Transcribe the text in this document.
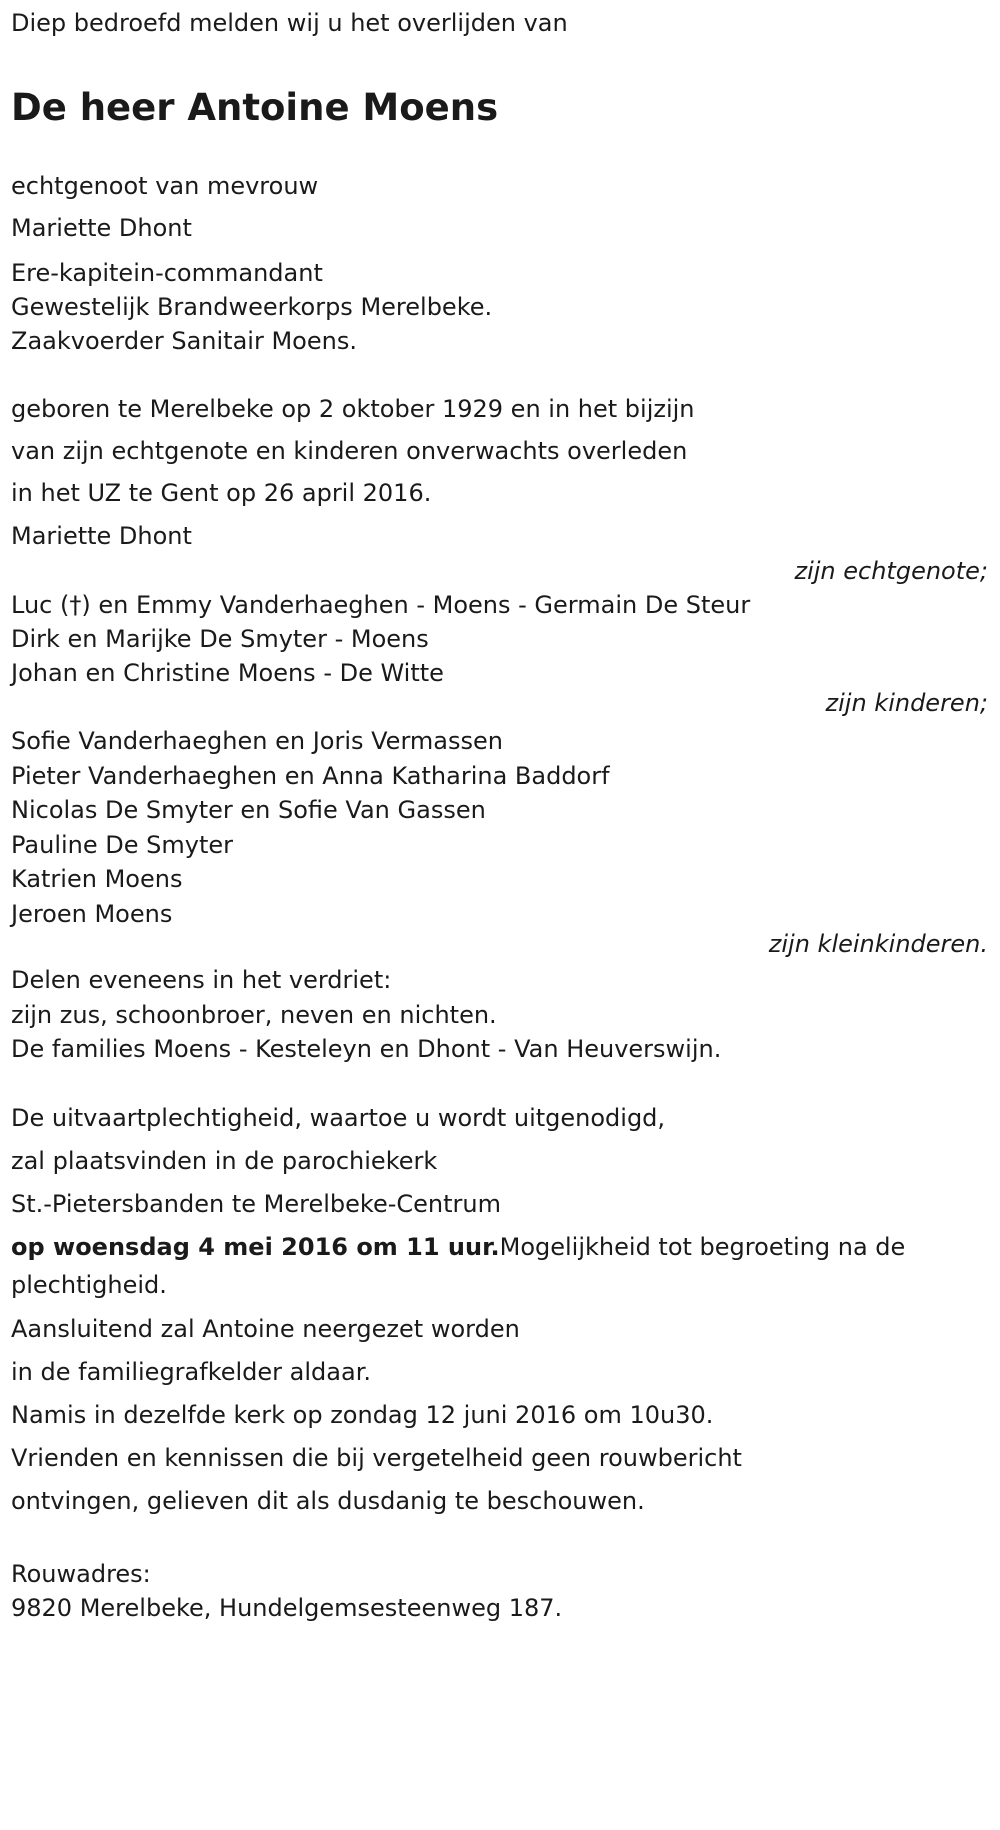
Diep bedroefd melden wij u het overlijden van
De heer Antoine Moens
echtgenoot van mevrouw
Mariette Dhont
Ere-kapitein-commandant
Gewestelijk Brandweerkorps Merelbeke.
Zaakvoerder Sanitair Moens.
geboren te Merelbeke op 2 oktober 1929 en in het bijzijn
van zijn echtgenote en kinderen onverwachts overleden
in het UZ te Gent op 26 april 2016.
Mariette Dhont
zijn echtgenote;
Luc (†) en Emmy Vanderhaeghen - Moens - Germain De Steur
Dirk en Marijke De Smyter - Moens
Johan en Christine Moens - De Witte
zijn kinderen;
Sofie Vanderhaeghen en Joris Vermassen
Pieter Vanderhaeghen en Anna Katharina Baddorf
Nicolas De Smyter en Sofie Van Gassen
Pauline De Smyter
Katrien Moens
Jeroen Moens
zijn kleinkinderen.
Delen eveneens in het verdriet:
zijn zus, schoonbroer, neven en nichten.
De families Moens - Kesteleyn en Dhont - Van Heuverswijn.
De uitvaartplechtigheid, waartoe u wordt uitgenodigd,
zal plaatsvinden in de parochiekerk
St.-Pietersbanden te Merelbeke-Centrum
op woensdag 4 mei 2016 om 11 uur.Mogelijkheid tot begroeting na de plechtigheid.
Aansluitend zal Antoine neergezet worden
in de familiegrafkelder aldaar.
Namis in dezelfde kerk op zondag 12 juni 2016 om 10u30.
Vrienden en kennissen die bij vergetelheid geen rouwbericht
ontvingen, gelieven dit als dusdanig te beschouwen.
Rouwadres:
9820 Merelbeke, Hundelgemsesteenweg 187.
